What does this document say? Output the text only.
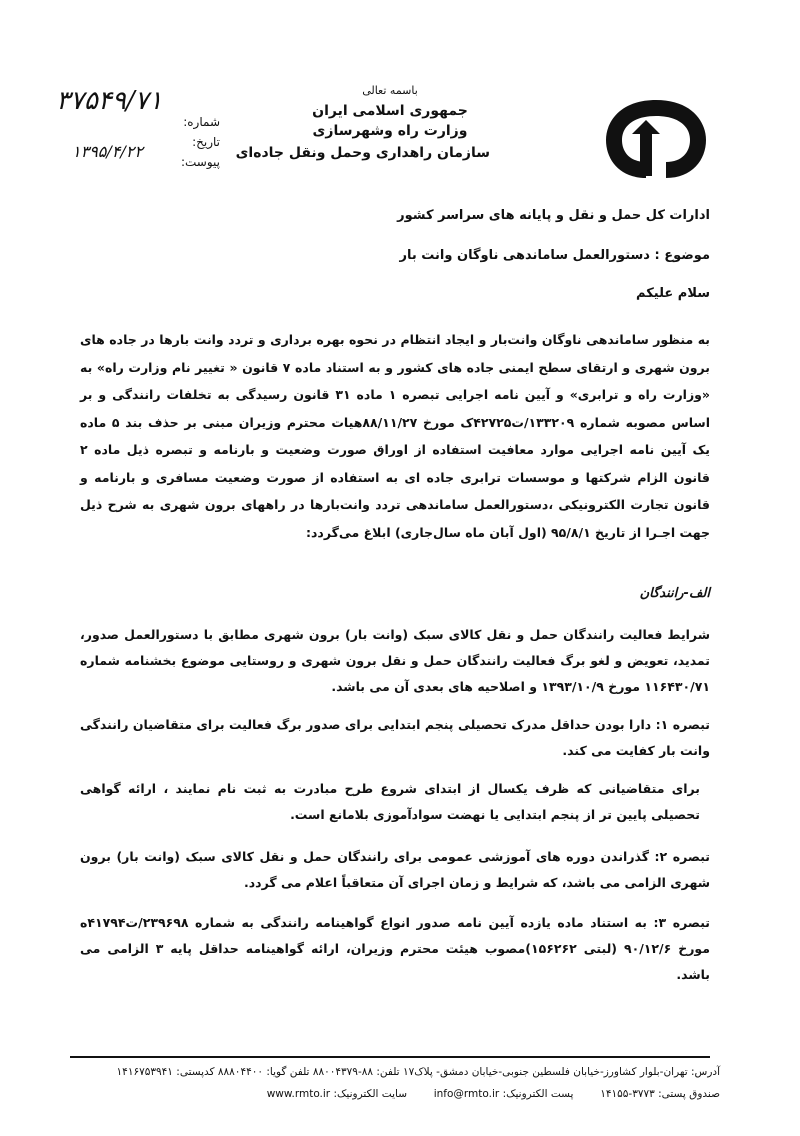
باسمه تعالی
جمهوری اسلامی ایران
وزارت راه وشهرسازی
سازمان راهداری وحمل ونقل جاده‌ای
شماره:
تاریخ:
پیوست:
۳۷۵۴۹/۷۱
۱۳۹۵/۴/۲۲
ادارات کل حمل و نقل و پایانه های سراسر کشور
موضوع : دستورالعمل ساماندهی ناوگان وانت بار
سلام علیکم
به منظور ساماندهی ناوگان وانت‌بار و ایجاد انتظام در نحوه بهره برداری و تردد وانت بارها در جاده های برون شهری و ارتقای سطح ایمنی جاده های کشور و به استناد ماده ۷ قانون « تغییر نام وزارت راه» به «وزارت راه و ترابری» و آیین نامه اجرایی تبصره ۱ ماده ۳۱ قانون رسیدگی به تخلفات رانندگی و بر اساس مصوبه شماره ۱۳۳۲۰۹/ت۴۲۷۲۵ک مورخ ۸۸/۱۱/۲۷هیات محترم وزیران مبنی بر حذف بند ۵ ماده یک آیین نامه اجرایی موارد معافیت استفاده از اوراق صورت وضعیت و بارنامه و تبصره ذیل ماده ۲ قانون الزام شرکتها و موسسات ترابری جاده ای به استفاده از صورت وضعیت مسافری و بارنامه و قانون تجارت الکترونیکی ،دستورالعمل ساماندهی تردد وانت‌بارها در راههای برون شهری به شرح ذیل جهت اجـرا از تاریخ ۹۵/۸/۱ (اول آبان ماه سال‌جاری) ابلاغ می‌گردد:
الف-رانندگان
شرایط فعالیت رانندگان حمل و نقل کالای سبک (وانت بار) برون شهری مطابق با دستورالعمل صدور، تمدید، تعویض و لغو برگ فعالیت رانندگان حمل و نقل برون شهری و روستایی موضوع بخشنامه شماره ۱۱۶۴۳۰/۷۱ مورخ ۱۳۹۳/۱۰/۹ و اصلاحیه های بعدی آن می باشد.
تبصره ۱: دارا بودن حداقل مدرک تحصیلی پنجم ابتدایی برای صدور برگ فعالیت برای متقاضیان رانندگی وانت بار کفایت می کند.
برای متقاضیانی که ظرف یکسال از ابتدای شروع طرح مبادرت به ثبت نام نمایند ، ارائه گواهی تحصیلی پایین تر از پنجم ابتدایی یا نهضت سوادآموزی بلامانع است.
تبصره ۲: گذراندن دوره های آموزشی عمومی برای رانندگان حمل و نقل کالای سبک (وانت بار) برون شهری الزامی می باشد، که شرایط و زمان اجرای آن متعاقباً اعلام می گردد.
تبصره ۳: به استناد ماده یازده آیین نامه صدور انواع گواهینامه رانندگی به شماره ۲۳۹۶۹۸/ت۴۱۷۹۴ه مورخ ۹۰/۱۲/۶ (لبتی ۱۵۶۲۶۲)مصوب هیئت محترم وزیران، ارائه گواهینامه حداقل پایه ۳ الزامی می باشد.
آدرس: تهران-بلوار کشاورز-خیابان فلسطین جنوبی-خیابان دمشق- پلاک۱۷ تلفن: ۸۸-۸۸۰۰۴۳۷۹ تلفن گویا: ۸۸۸۰۴۴۰۰ کدپستی: ۱۴۱۶۷۵۳۹۴۱
صندوق پستی: ۳۷۷۳-۱۴۱۵۵        پست الکترونیک: info@rmto.ir        سایت الکترونیک: www.rmto.ir
